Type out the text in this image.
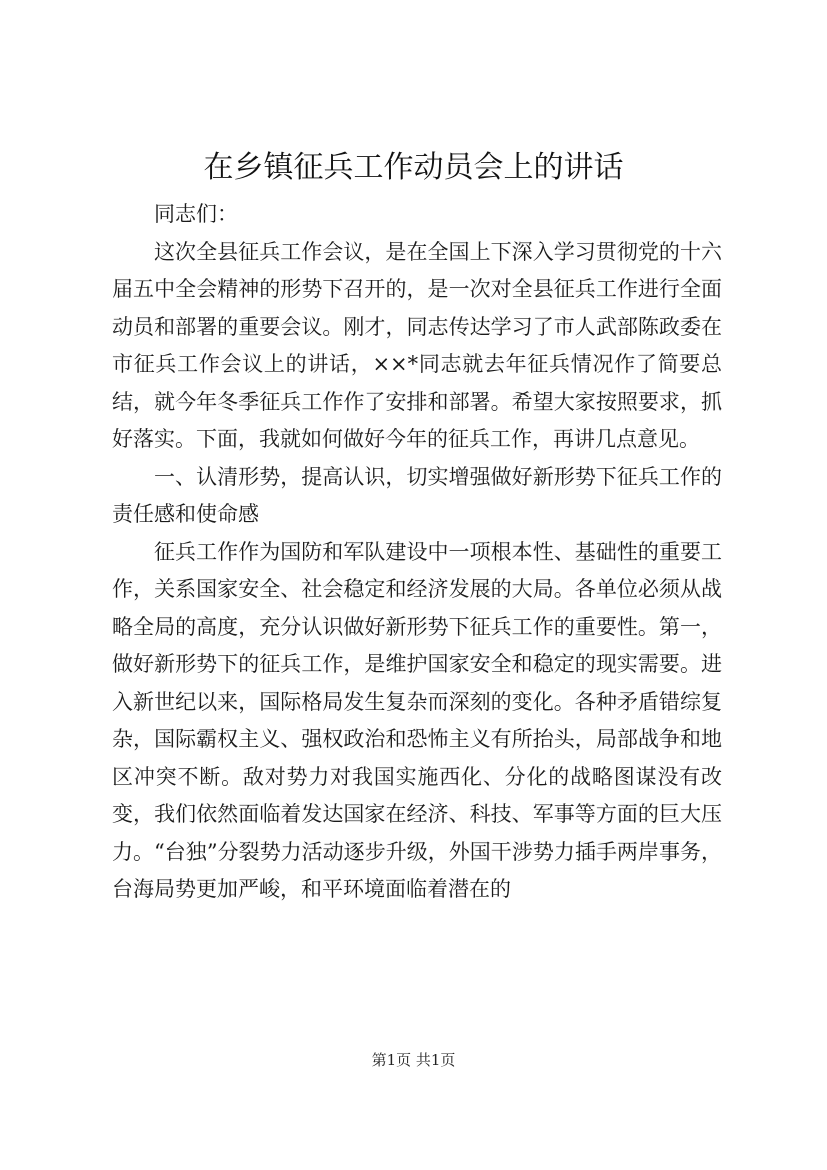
在乡镇征兵工作动员会上的讲话

同志们：

这次全县征兵工作会议，是在全国上下深入学习贯彻党的十六届五中全会精神的形势下召开的，是一次对全县征兵工作进行全面动员和部署的重要会议。刚才，同志传达学习了市人武部陈政委在市征兵工作会议上的讲话，××*同志就去年征兵情况作了简要总结，就今年冬季征兵工作作了安排和部署。希望大家按照要求，抓好落实。下面，我就如何做好今年的征兵工作，再讲几点意见。

一、认清形势，提高认识，切实增强做好新形势下征兵工作的责任感和使命感

征兵工作作为国防和军队建设中一项根本性、基础性的重要工作，关系国家安全、社会稳定和经济发展的大局。各单位必须从战略全局的高度，充分认识做好新形势下征兵工作的重要性。第一，做好新形势下的征兵工作，是维护国家安全和稳定的现实需要。进入新世纪以来，国际格局发生复杂而深刻的变化。各种矛盾错综复杂，国际霸权主义、强权政治和恐怖主义有所抬头，局部战争和地区冲突不断。敌对势力对我国实施西化、分化的战略图谋没有改变，我们依然面临着发达国家在经济、科技、军事等方面的巨大压力。“台独”分裂势力活动逐步升级，外国干涉势力插手两岸事务，台海局势更加严峻，和平环境面临着潜在的

第1页 共1页
